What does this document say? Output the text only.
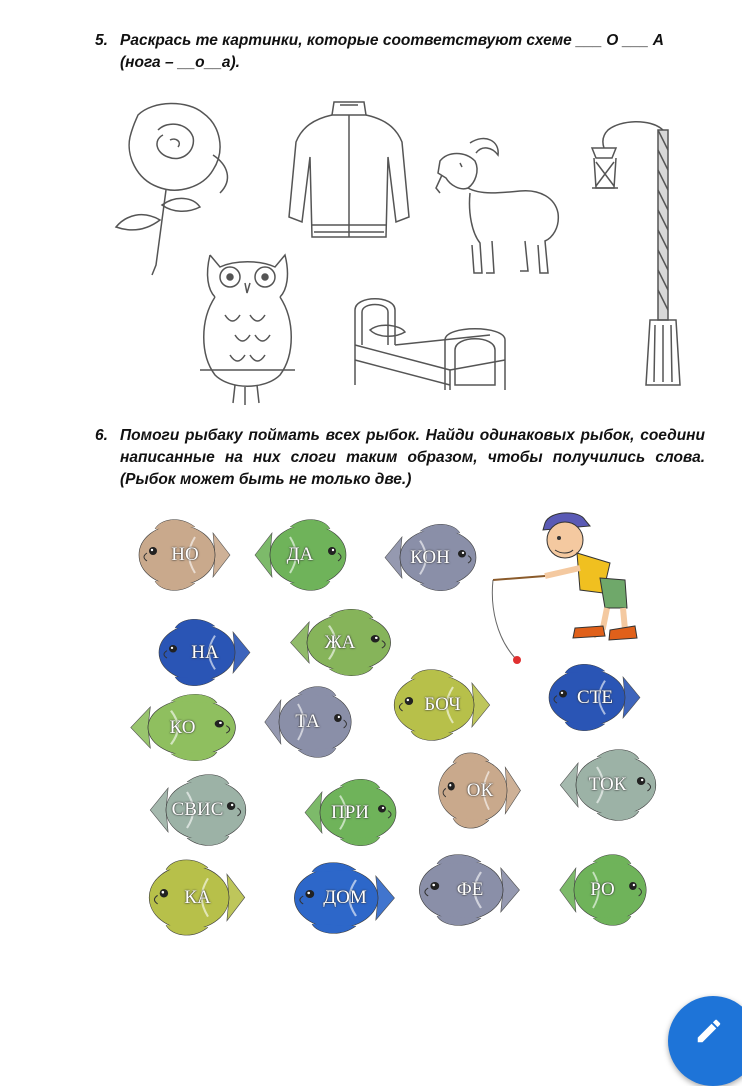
5. Раскрась те картинки, которые соответствуют схеме ___ О ___ А
(нога – __о__а).
6. Помоги рыбаку поймать всех рыбок. Найди одинаковых рыбок, соедини написанные на них слоги таким образом, чтобы получились слова. (Рыбок может быть не только две.)
НО	ДА	КОН
НА	ЖА
КО	ТА
БОЧ	СТЕ
СВИС	ПРИ
ОК	ТОК
КА	ДОМ	ФЕ	РО
